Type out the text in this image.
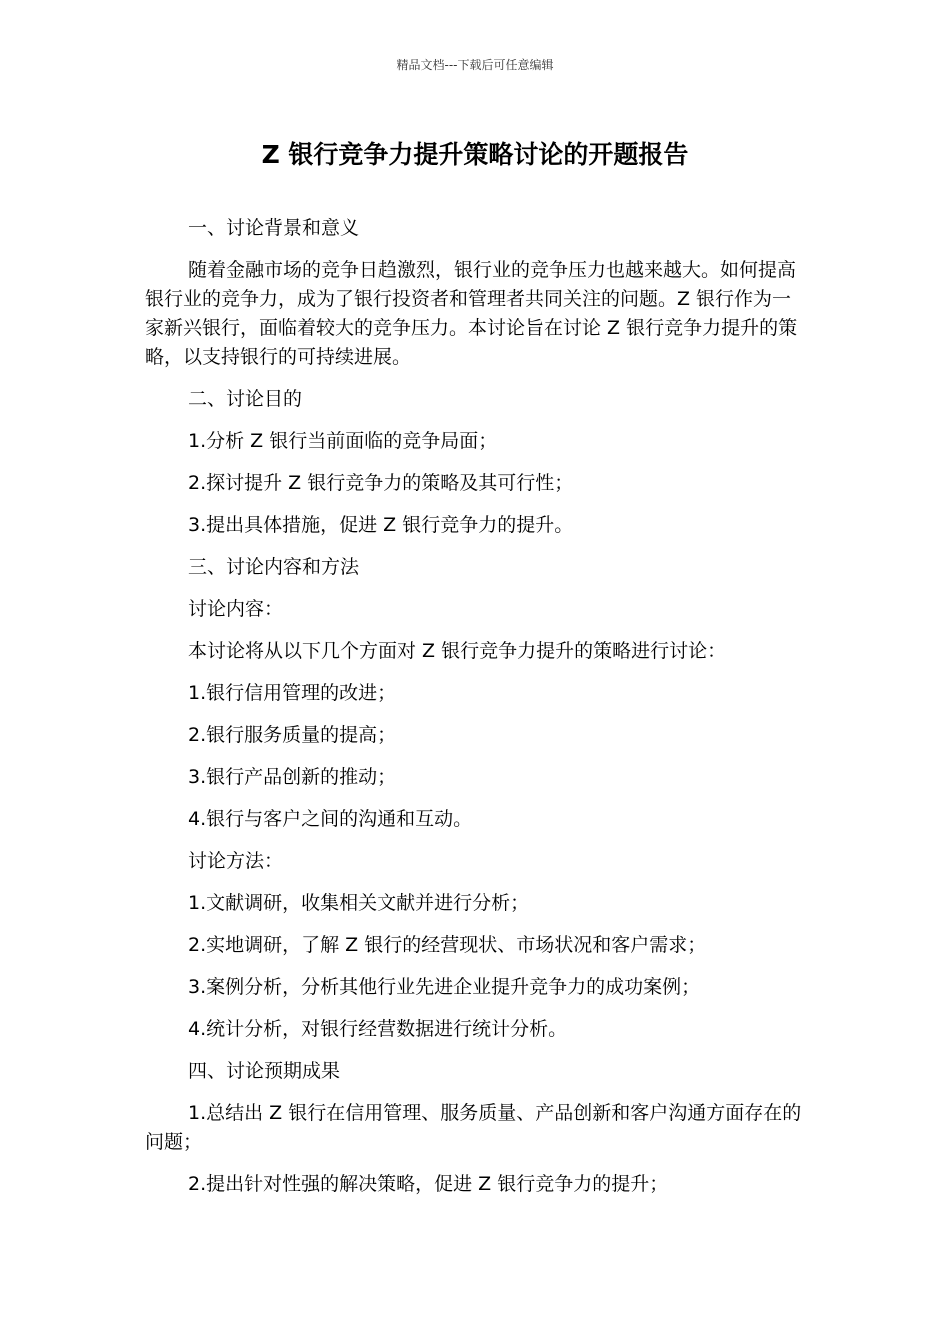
精品文档---下载后可任意编辑
Z 银行竞争力提升策略讨论的开题报告

一、讨论背景和意义

随着金融市场的竞争日趋激烈，银行业的竞争压力也越来越大。如何提高银行业的竞争力，成为了银行投资者和管理者共同关注的问题。Z 银行作为一家新兴银行，面临着较大的竞争压力。本讨论旨在讨论 Z 银行竞争力提升的策略，以支持银行的可持续进展。

二、讨论目的

1.分析 Z 银行当前面临的竞争局面；

2.探讨提升 Z 银行竞争力的策略及其可行性；

3.提出具体措施，促进 Z 银行竞争力的提升。

三、讨论内容和方法

讨论内容：

本讨论将从以下几个方面对 Z 银行竞争力提升的策略进行讨论：

1.银行信用管理的改进；

2.银行服务质量的提高；

3.银行产品创新的推动；

4.银行与客户之间的沟通和互动。

讨论方法：

1.文献调研，收集相关文献并进行分析；

2.实地调研，了解 Z 银行的经营现状、市场状况和客户需求；

3.案例分析，分析其他行业先进企业提升竞争力的成功案例；

4.统计分析，对银行经营数据进行统计分析。

四、讨论预期成果

1.总结出 Z 银行在信用管理、服务质量、产品创新和客户沟通方面存在的问题；

2.提出针对性强的解决策略，促进 Z 银行竞争力的提升；
